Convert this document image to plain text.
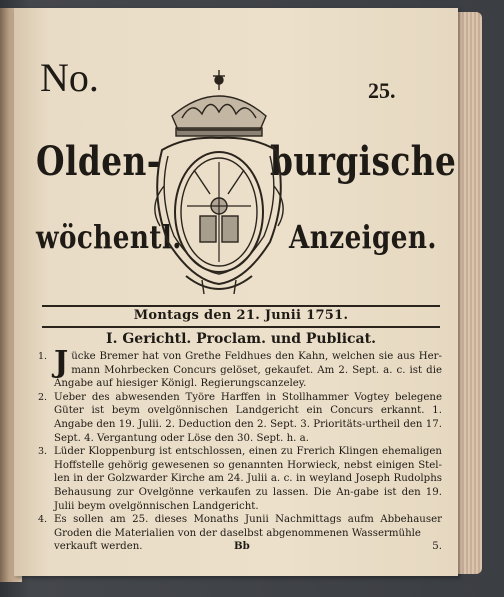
No.	25.
Olden-	burgische
wöchentl.	Anzeigen.
Montags den 21. Junii 1751.
I. Gerichtl. Proclam. und Publicat.

1. J ücke Bremer hat von Grethe Feldhues den Kahn, welchen sie aus Her-mann Mohrbecken Concurs gelöset, gekaufet. Am 2. Sept. a. c. ist die Angabe auf hiesiger Königl. Regierungscanzeley.

2. Ueber des abwesenden Työre Harffen in Stollhammer Vogtey belegene Güter ist beym ovelgönnischen Landgericht ein Concurs erkannt. 1. Angabe den 19. Julii. 2. Deduction den 2. Sept. 3. Prioritäts-urtheil den 17. Sept. 4. Vergantung oder Löse den 30. Sept. h. a.

3. Lüder Kloppenburg ist entschlossen, einen zu Frerich Klingen ehemaligen Hoffstelle gehörig gewesenen so genannten Horwieck, nebst einigen Stel-len in der Golzwarder Kirche am 24. Julii a. c. in weyland Joseph Rudolphs Behausung zur Ovelgönne verkaufen zu lassen. Die An-gabe ist den 19. Julii beym ovelgönnischen Landgericht.

4. Es sollen am 25. dieses Monaths Junii Nachmittags aufm Abbehauser Groden die Materialien von der daselbst abgenommenen Wassermühle

verkauft werden.	Bb	5.
